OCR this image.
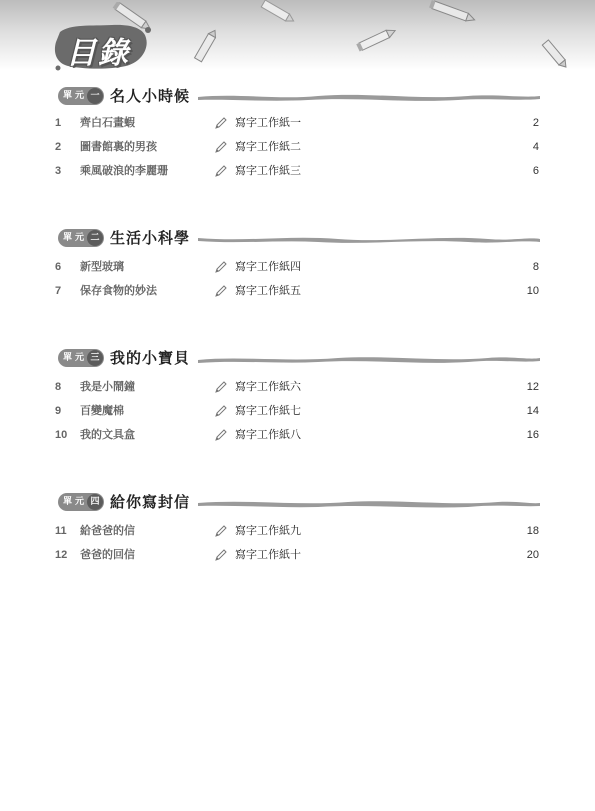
目錄
單 元 一 名人小時候
1	齊白石畫蝦	寫字工作紙一	2
2	圖書館裏的男孩	寫字工作紙二	4
3	乘風破浪的李麗珊	寫字工作紙三	6
單 元 二 生活小科學
6	新型玻璃	寫字工作紙四	8
7	保存食物的妙法	寫字工作紙五	10
單 元 三 我的小寶貝
8	我是小鬧鐘	寫字工作紙六	12
9	百變魔棉	寫字工作紙七	14
10	我的文具盒	寫字工作紙八	16
單 元 四 給你寫封信
11	給爸爸的信	寫字工作紙九	18
12	爸爸的回信	寫字工作紙十	20
